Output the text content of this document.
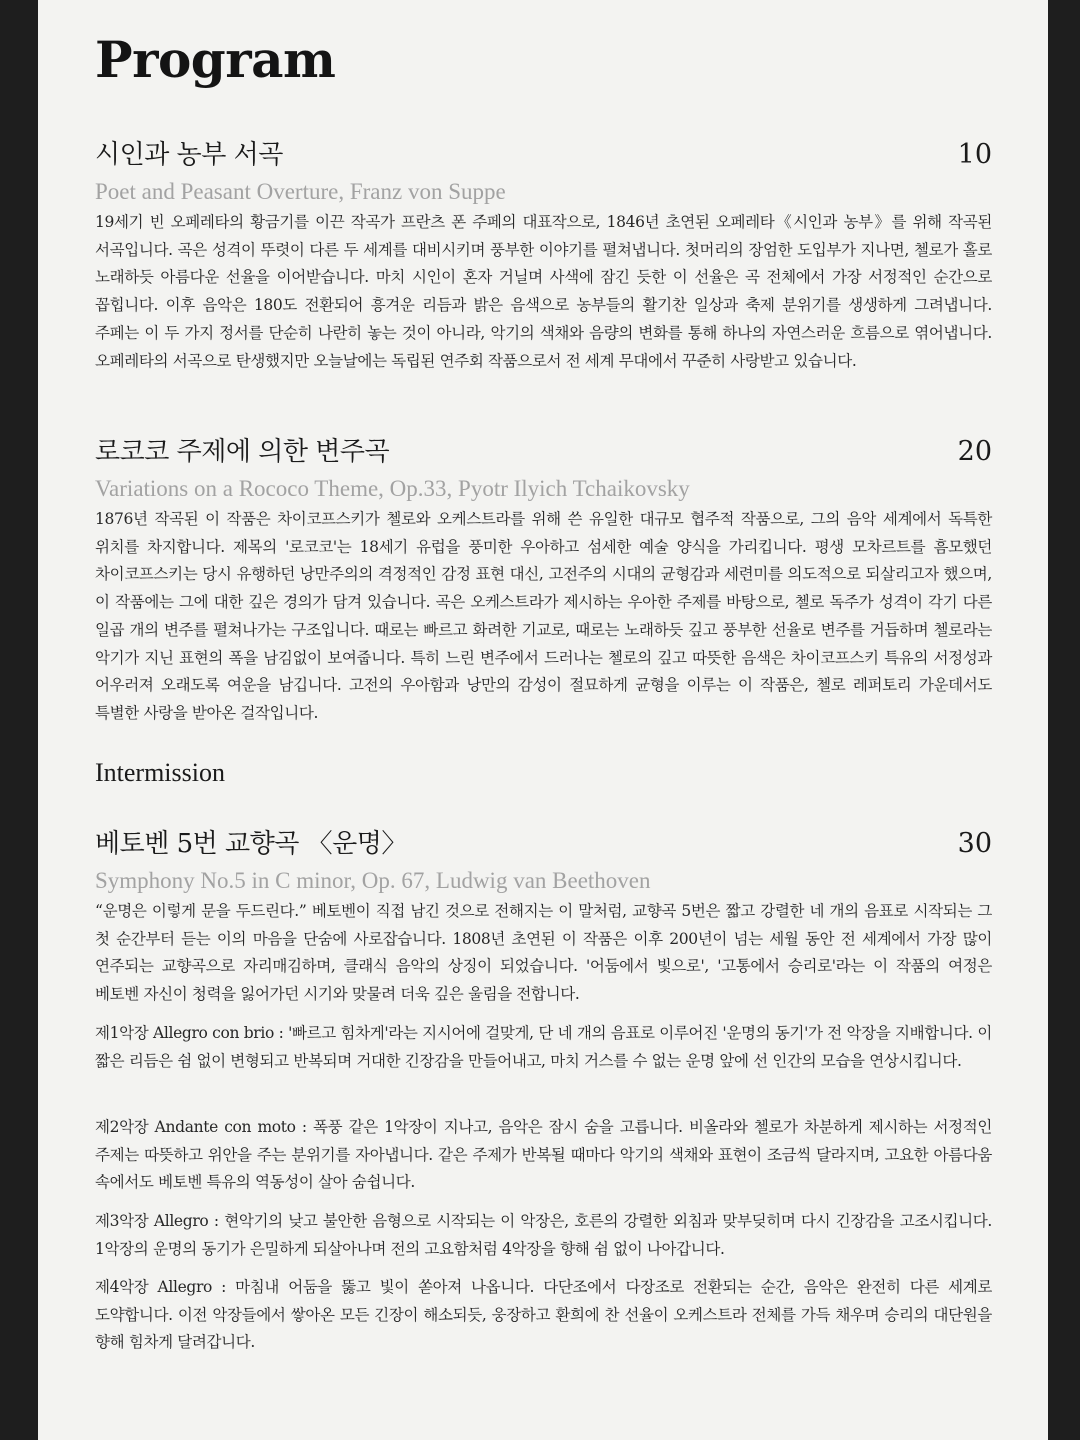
Program
시인과 농부 서곡	10
Poet and Peasant Overture, Franz von Suppe

19세기 빈 오페레타의 황금기를 이끈 작곡가 프란츠 폰 주페의 대표작으로, 1846년 초연된 오페레타《시인과 농부》를 위해 작곡된 서곡입니다. 곡은 성격이 뚜렷이 다른 두 세계를 대비시키며 풍부한 이야기를 펼쳐냅니다. 첫머리의 장엄한 도입부가 지나면, 첼로가 홀로 노래하듯 아름다운 선율을 이어받습니다. 마치 시인이 혼자 거닐며 사색에 잠긴 듯한 이 선율은 곡 전체에서 가장 서정적인 순간으로 꼽힙니다. 이후 음악은 180도 전환되어 흥겨운 리듬과 밝은 음색으로 농부들의 활기찬 일상과 축제 분위기를 생생하게 그려냅니다. 주페는 이 두 가지 정서를 단순히 나란히 놓는 것이 아니라, 악기의 색채와 음량의 변화를 통해 하나의 자연스러운 흐름으로 엮어냅니다. 오페레타의 서곡으로 탄생했지만 오늘날에는 독립된 연주회 작품으로서 전 세계 무대에서 꾸준히 사랑받고 있습니다.

로코코 주제에 의한 변주곡	20
Variations on a Rococo Theme, Op.33, Pyotr Ilyich Tchaikovsky

1876년 작곡된 이 작품은 차이코프스키가 첼로와 오케스트라를 위해 쓴 유일한 대규모 협주적 작품으로, 그의 음악 세계에서 독특한 위치를 차지합니다. 제목의 '로코코'는 18세기 유럽을 풍미한 우아하고 섬세한 예술 양식을 가리킵니다. 평생 모차르트를 흠모했던 차이코프스키는 당시 유행하던 낭만주의의 격정적인 감정 표현 대신, 고전주의 시대의 균형감과 세련미를 의도적으로 되살리고자 했으며, 이 작품에는 그에 대한 깊은 경의가 담겨 있습니다. 곡은 오케스트라가 제시하는 우아한 주제를 바탕으로, 첼로 독주가 성격이 각기 다른 일곱 개의 변주를 펼쳐나가는 구조입니다. 때로는 빠르고 화려한 기교로, 때로는 노래하듯 깊고 풍부한 선율로 변주를 거듭하며 첼로라는 악기가 지닌 표현의 폭을 남김없이 보여줍니다. 특히 느린 변주에서 드러나는 첼로의 깊고 따뜻한 음색은 차이코프스키 특유의 서정성과 어우러져 오래도록 여운을 남깁니다. 고전의 우아함과 낭만의 감성이 절묘하게 균형을 이루는 이 작품은, 첼로 레퍼토리 가운데서도 특별한 사랑을 받아온 걸작입니다.

Intermission
베토벤 5번 교향곡 〈운명〉	30
Symphony No.5 in C minor, Op. 67, Ludwig van Beethoven

“운명은 이렇게 문을 두드린다.” 베토벤이 직접 남긴 것으로 전해지는 이 말처럼, 교향곡 5번은 짧고 강렬한 네 개의 음표로 시작되는 그 첫 순간부터 듣는 이의 마음을 단숨에 사로잡습니다. 1808년 초연된 이 작품은 이후 200년이 넘는 세월 동안 전 세계에서 가장 많이 연주되는 교향곡으로 자리매김하며, 클래식 음악의 상징이 되었습니다. '어둠에서 빛으로', '고통에서 승리로'라는 이 작품의 여정은 베토벤 자신이 청력을 잃어가던 시기와 맞물려 더욱 깊은 울림을 전합니다.

제1악장 Allegro con brio : '빠르고 힘차게'라는 지시어에 걸맞게, 단 네 개의 음표로 이루어진 '운명의 동기'가 전 악장을 지배합니다. 이 짧은 리듬은 쉼 없이 변형되고 반복되며 거대한 긴장감을 만들어내고, 마치 거스를 수 없는 운명 앞에 선 인간의 모습을 연상시킵니다.

제2악장 Andante con moto : 폭풍 같은 1악장이 지나고, 음악은 잠시 숨을 고릅니다. 비올라와 첼로가 차분하게 제시하는 서정적인 주제는 따뜻하고 위안을 주는 분위기를 자아냅니다. 같은 주제가 반복될 때마다 악기의 색채와 표현이 조금씩 달라지며, 고요한 아름다움 속에서도 베토벤 특유의 역동성이 살아 숨쉽니다.

제3악장 Allegro : 현악기의 낮고 불안한 음형으로 시작되는 이 악장은, 호른의 강렬한 외침과 맞부딪히며 다시 긴장감을 고조시킵니다. 1악장의 운명의 동기가 은밀하게 되살아나며 전의 고요함처럼 4악장을 향해 쉼 없이 나아갑니다.

제4악장 Allegro : 마침내 어둠을 뚫고 빛이 쏟아져 나옵니다. 다단조에서 다장조로 전환되는 순간, 음악은 완전히 다른 세계로 도약합니다. 이전 악장들에서 쌓아온 모든 긴장이 해소되듯, 웅장하고 환희에 찬 선율이 오케스트라 전체를 가득 채우며 승리의 대단원을 향해 힘차게 달려갑니다.
